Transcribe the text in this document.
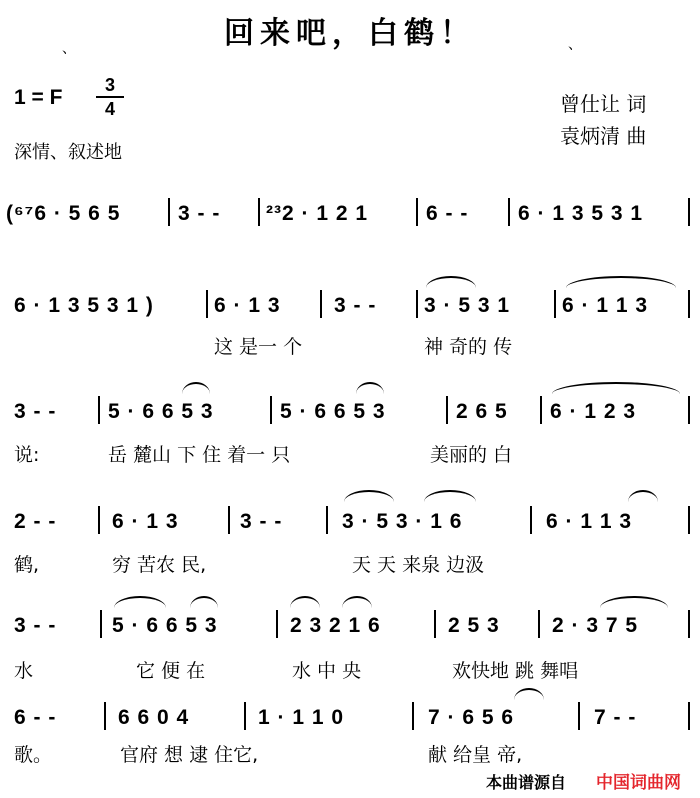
回来吧，白鹤！
、	、
1 = F
3
4
深情、叙述地
曾仕让 词
袁炳清 曲
(⁶⁷6 · 5 6 5	3 - - ²³2 · 1 2 1	6 - - 6 · 1 3 5 3 1
6 · 1 3 5 3 1 )	6 · 1 3	3 - - 3 · 5 3 1 6 · 1 1 3
这 是一 个	神 奇的 传
3 - - 5 · 6 6 5 3	5 · 6 6 5 3	2 6 5 6 · 1 2 3
说:	岳 麓山 下 住 着一 只	美丽的 白
2 - -	6 · 1 3	3 - -	3 · 5 3 · 1 6	6 · 1 1 3
鹤,	穷 苦农 民,	天 天 来泉 边汲
3 - -	5 · 6 6 5 3	2 3 2 1 6	2 5 3 2 · 3 7 5
水	它 便 在	水 中 央	欢快地 跳 舞唱
6 - -	6 6 0 4	1 · 1 1 0	7 · 6 5 6	7 - -
歌。	官府 想 逮 住它,	献 给皇 帝,
本曲谱源自 中国词曲网
